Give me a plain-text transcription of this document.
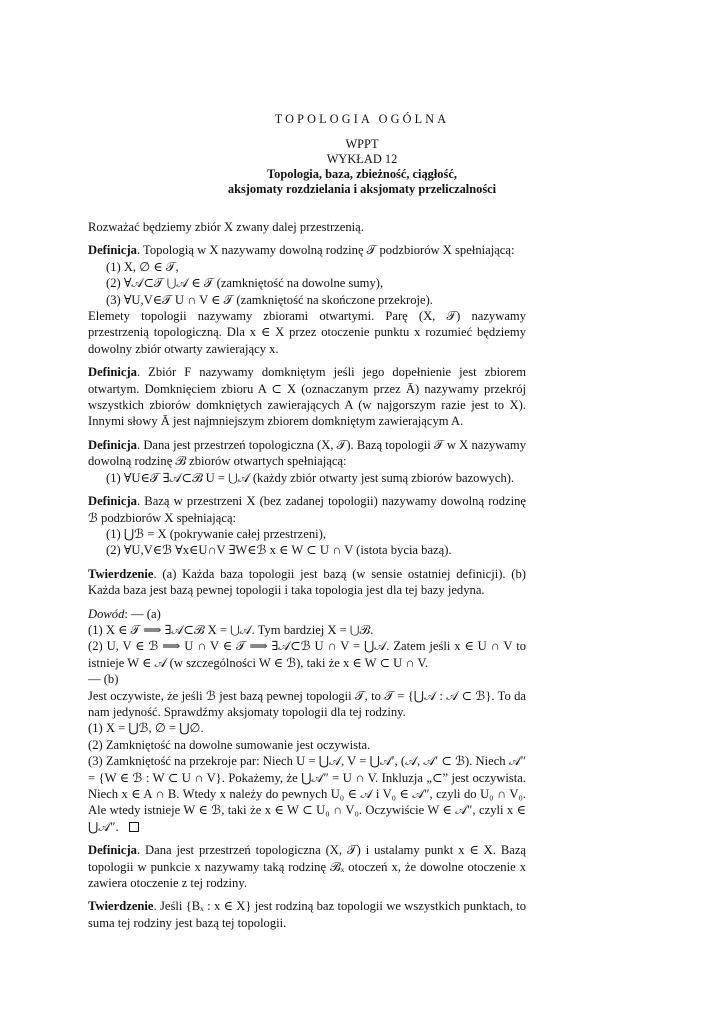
TOPOLOGIA OGÓLNA
WPPT
WYKŁAD 12
Topologia, baza, zbieżność, ciągłość,
aksjomaty rozdzielania i aksjomaty przeliczalności

Rozważać będziemy zbiór X zwany dalej przestrzenią.

Definicja. Topologią w X nazywamy dowolną rodzinę 𝒯 podzbiorów X spełniającą:

(1) X, ∅ ∈ 𝒯,
(2) ∀𝒜⊂𝒯 ⋃𝒜 ∈ 𝒯 (zamkniętość na dowolne sumy),
(3) ∀U,V∈𝒯 U ∩ V ∈ 𝒯 (zamkniętość na skończone przekroje).

Elemety topologii nazywamy zbiorami otwartymi. Parę (X, 𝒯) nazywamy przestrzenią topologiczną. Dla x ∈ X przez otoczenie punktu x rozumieć będziemy dowolny zbiór otwarty zawierający x.

Definicja. Zbiór F nazywamy domkniętym jeśli jego dopełnienie jest zbiorem otwartym. Domknięciem zbioru A ⊂ X (oznaczanym przez Ā) nazywamy przekrój wszystkich zbiorów domkniętych zawierających A (w najgorszym razie jest to X). Innymi słowy Ā jest najmniejszym zbiorem domkniętym zawierającym A.

Definicja. Dana jest przestrzeń topologiczna (X, 𝒯). Bazą topologii 𝒯 w X nazywamy dowolną rodzinę ℬ zbiorów otwartych spełniającą:

(1) ∀U∈𝒯 ∃𝒜⊂ℬ U = ⋃𝒜 (każdy zbiór otwarty jest sumą zbiorów bazowych).

Definicja. Bazą w przestrzeni X (bez zadanej topologii) nazywamy dowolną rodzinę ℬ podzbiorów X spełniającą:

(1) ⋃ℬ = X (pokrywanie całej przestrzeni),
(2) ∀U,V∈ℬ ∀x∈U∩V ∃W∈ℬ x ∈ W ⊂ U ∩ V (istota bycia bazą).

Twierdzenie. (a) Każda baza topologii jest bazą (w sensie ostatniej definicji). (b) Każda baza jest bazą pewnej topologii i taka topologia jest dla tej bazy jedyna.

Dowód: — (a)

(1) X ∈ 𝒯 ⟹ ∃𝒜⊂ℬ X = ⋃𝒜. Tym bardziej X = ⋃ℬ.

(2) U, V ∈ ℬ ⟹ U ∩ V ∈ 𝒯 ⟹ ∃𝒜⊂ℬ U ∩ V = ⋃𝒜. Zatem jeśli x ∈ U ∩ V to istnieje W ∈ 𝒜 (w szczególności W ∈ ℬ), taki że x ∈ W ⊂ U ∩ V.

— (b)

Jest oczywiste, że jeśli ℬ jest bazą pewnej topologii 𝒯, to 𝒯 = {⋃𝒜 : 𝒜 ⊂ ℬ}. To da nam jedyność. Sprawdźmy aksjomaty topologii dla tej rodziny.

(1) X = ⋃ℬ, ∅ = ⋃∅.

(2) Zamkniętość na dowolne sumowanie jest oczywista.

(3) Zamkniętość na przekroje par: Niech U = ⋃𝒜, V = ⋃𝒜′, (𝒜, 𝒜′ ⊂ ℬ). Niech 𝒜″ = {W ∈ ℬ : W ⊂ U ∩ V}. Pokażemy, że ⋃𝒜″ = U ∩ V. Inkluzja „⊂” jest oczywista. Niech x ∈ A ∩ B. Wtedy x należy do pewnych U₀ ∈ 𝒜 i V₀ ∈ 𝒜″, czyli do U₀ ∩ V₀. Ale wtedy istnieje W ∈ ℬ, taki że x ∈ W ⊂ U₀ ∩ V₀. Oczywiście W ∈ 𝒜″, czyli x ∈ ⋃𝒜″.

Definicja. Dana jest przestrzeń topologiczna (X, 𝒯) i ustalamy punkt x ∈ X. Bazą topologii w punkcie x nazywamy taką rodzinę ℬₓ otoczeń x, że dowolne otoczenie x zawiera otoczenie z tej rodziny.

Twierdzenie. Jeśli {Bₓ : x ∈ X} jest rodziną baz topologii we wszystkich punktach, to suma tej rodziny jest bazą tej topologii.
